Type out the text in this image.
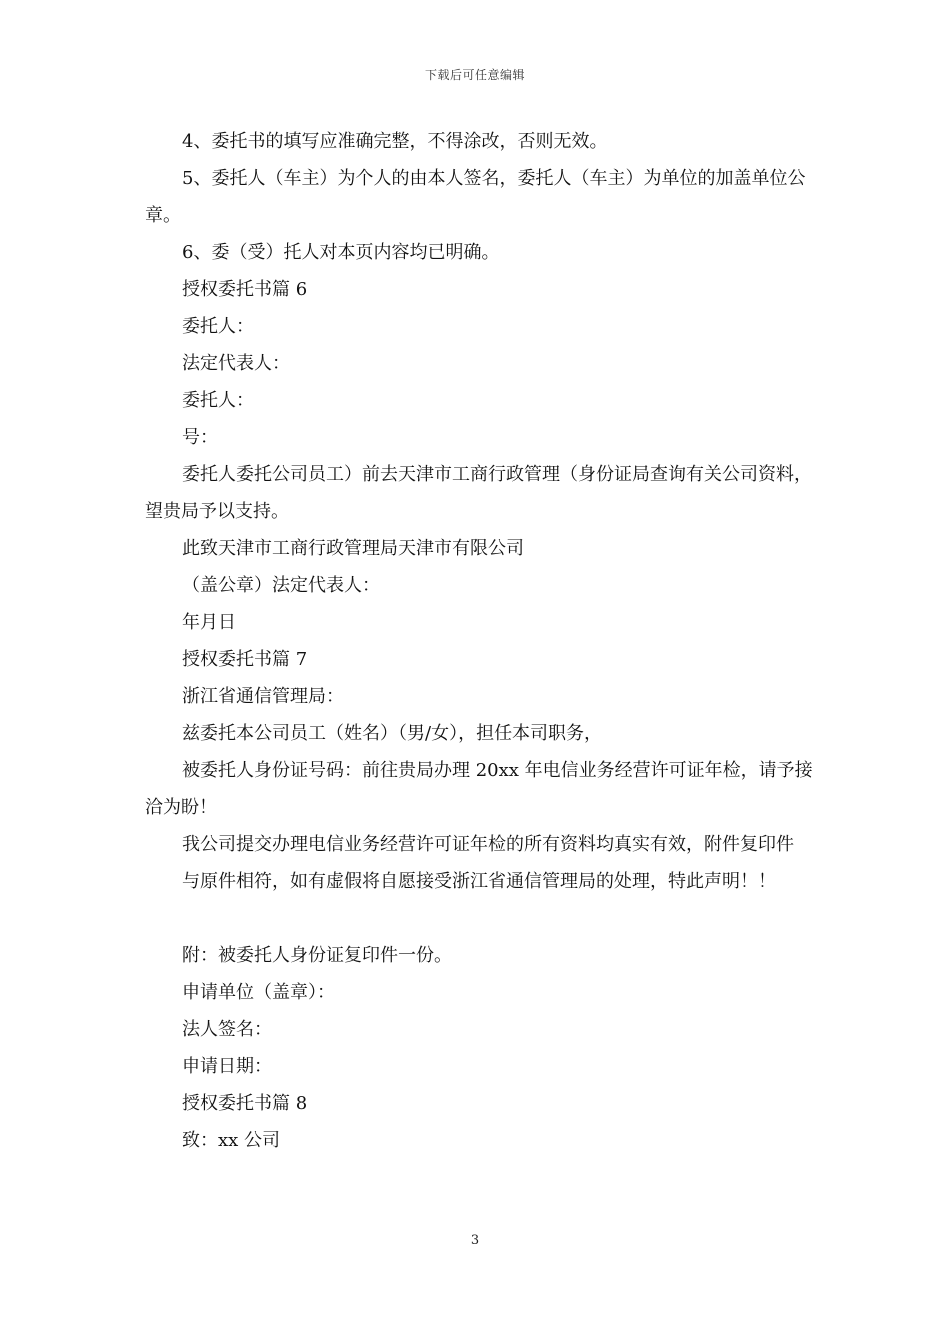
下载后可任意编辑

4、委托书的填写应准确完整，不得涂改，否则无效。

5、委托人（车主）为个人的由本人签名，委托人（车主）为单位的加盖单位公章。

6、委（受）托人对本页内容均已明确。

授权委托书篇 6

委托人：

法定代表人：

委托人：

号：

委托人委托公司员工）前去天津市工商行政管理（身份证局查询有关公司资料，望贵局予以支持。

此致天津市工商行政管理局天津市有限公司

（盖公章）法定代表人：

年月日

授权委托书篇 7

浙江省通信管理局：

兹委托本公司员工（姓名）（男/女），担任本司职务，

被委托人身份证号码：前往贵局办理 20xx 年电信业务经营许可证年检，请予接洽为盼！

我公司提交办理电信业务经营许可证年检的所有资料均真实有效，附件复印件

与原件相符，如有虚假将自愿接受浙江省通信管理局的处理，特此声明！！

附：被委托人身份证复印件一份。

申请单位（盖章）：

法人签名：

申请日期：

授权委托书篇 8

致：xx 公司

3
